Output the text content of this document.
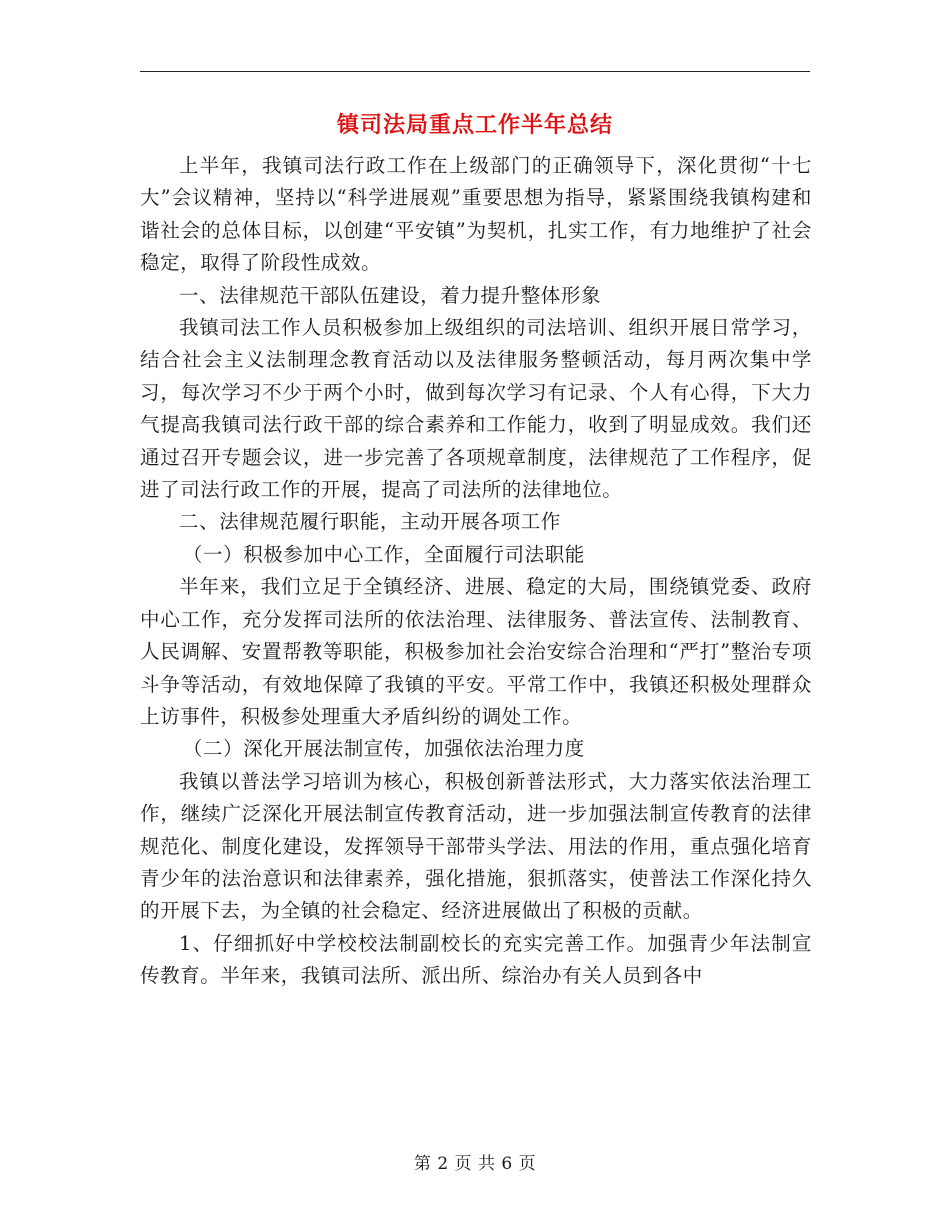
镇司法局重点工作半年总结

上半年，我镇司法行政工作在上级部门的正确领导下，深化贯彻“十七大”会议精神，坚持以“科学进展观”重要思想为指导，紧紧围绕我镇构建和谐社会的总体目标，以创建“平安镇”为契机，扎实工作，有力地维护了社会稳定，取得了阶段性成效。

一、法律规范干部队伍建设，着力提升整体形象

我镇司法工作人员积极参加上级组织的司法培训、组织开展日常学习，结合社会主义法制理念教育活动以及法律服务整顿活动，每月两次集中学习，每次学习不少于两个小时，做到每次学习有记录、个人有心得，下大力气提高我镇司法行政干部的综合素养和工作能力，收到了明显成效。我们还通过召开专题会议，进一步完善了各项规章制度，法律规范了工作程序，促进了司法行政工作的开展，提高了司法所的法律地位。

二、法律规范履行职能，主动开展各项工作

（一）积极参加中心工作，全面履行司法职能

半年来，我们立足于全镇经济、进展、稳定的大局，围绕镇党委、政府中心工作，充分发挥司法所的依法治理、法律服务、普法宣传、法制教育、人民调解、安置帮教等职能，积极参加社会治安综合治理和“严打”整治专项斗争等活动，有效地保障了我镇的平安。平常工作中，我镇还积极处理群众上访事件，积极参处理重大矛盾纠纷的调处工作。

（二）深化开展法制宣传，加强依法治理力度

我镇以普法学习培训为核心，积极创新普法形式，大力落实依法治理工作，继续广泛深化开展法制宣传教育活动，进一步加强法制宣传教育的法律规范化、制度化建设，发挥领导干部带头学法、用法的作用，重点强化培育青少年的法治意识和法律素养，强化措施，狠抓落实，使普法工作深化持久的开展下去，为全镇的社会稳定、经济进展做出了积极的贡献。

1、仔细抓好中学校校法制副校长的充实完善工作。加强青少年法制宣传教育。半年来，我镇司法所、派出所、综治办有关人员到各中

第 2 页 共 6 页
